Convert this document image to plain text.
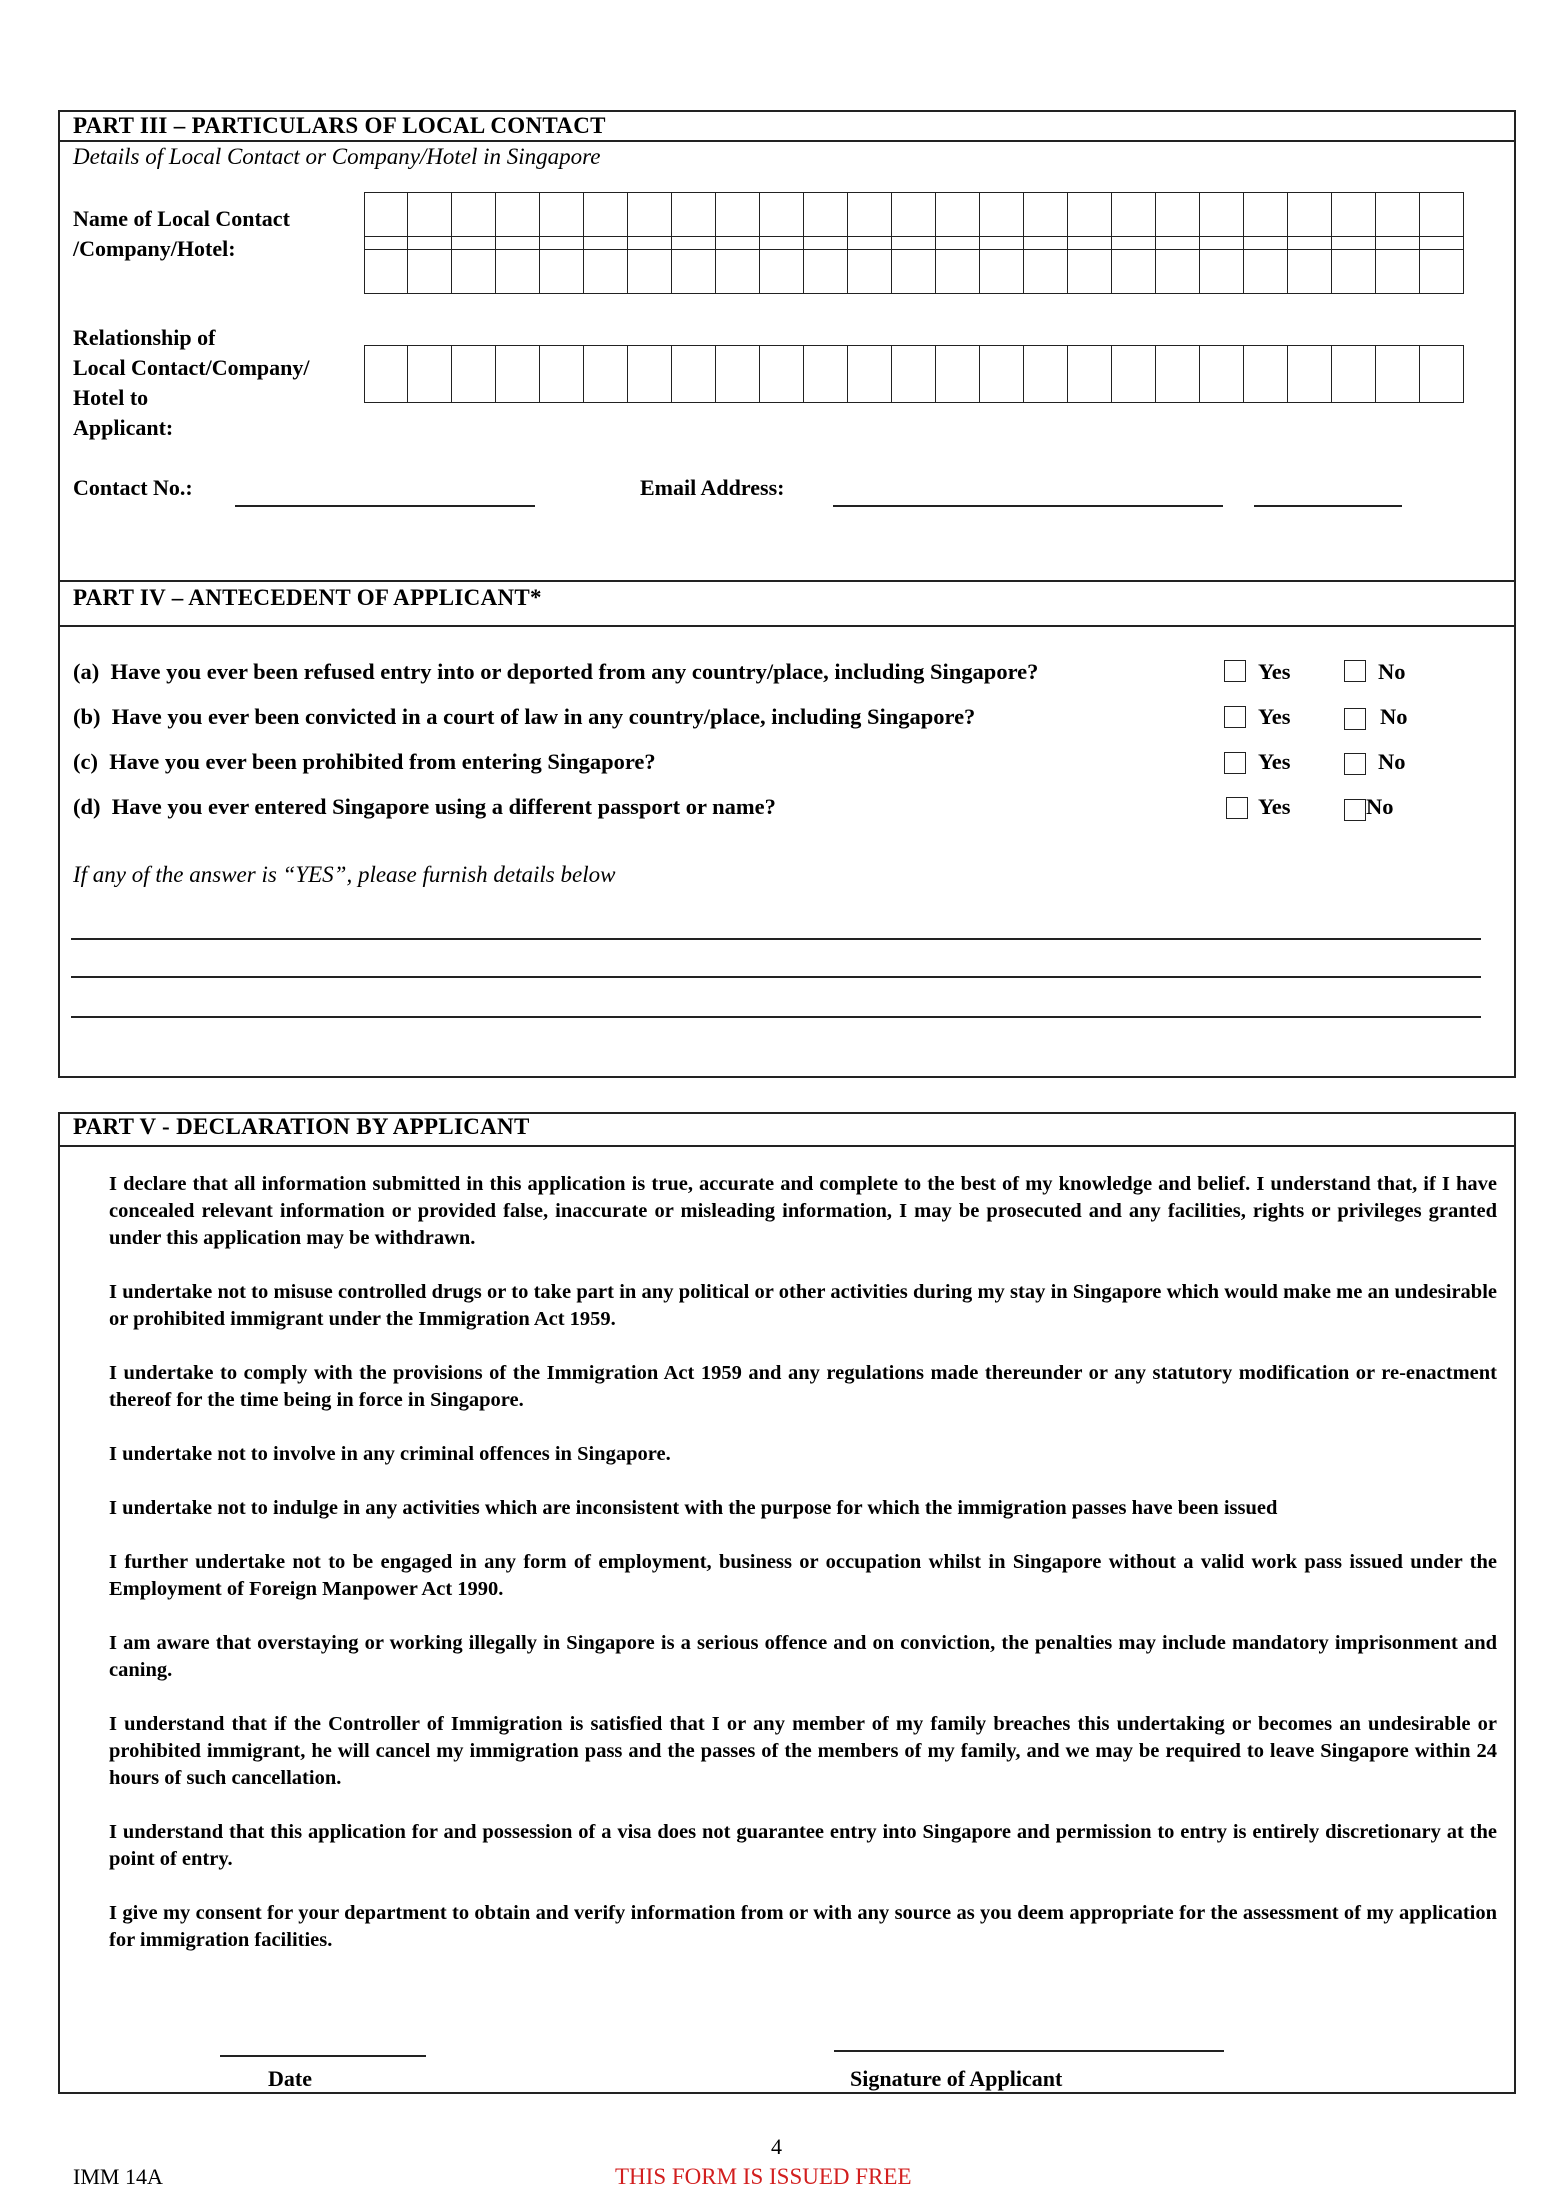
PART III – PARTICULARS OF LOCAL CONTACT
Details of Local Contact or Company/Hotel in Singapore
Name of Local Contact
/Company/Hotel:
Relationship of
Local Contact/Company/
Hotel to
Applicant:
Contact No.:	Email Address:
PART IV – ANTECEDENT OF APPLICANT*
(a)  Have you ever been refused entry into or deported from any country/place, including Singapore?	Yes	No
(b)  Have you ever been convicted in a court of law in any country/place, including Singapore?	Yes	No
(c)  Have you ever been prohibited from entering Singapore?	Yes	No
(d)  Have you ever entered Singapore using a different passport or name?	Yes	No
If any of the answer is “YES”, please furnish details below
PART V - DECLARATION BY APPLICANT

I declare that all information submitted in this application is true, accurate and complete to the best of my knowledge and belief. I understand that, if I have concealed relevant information or provided false, inaccurate or misleading information, I may be prosecuted and any facilities, rights or privileges granted under this application may be withdrawn.

I undertake not to misuse controlled drugs or to take part in any political or other activities during my stay in Singapore which would make me an undesirable or prohibited immigrant under the Immigration Act 1959.

I undertake to comply with the provisions of the Immigration Act 1959 and any regulations made thereunder or any statutory modification or re-enactment thereof for the time being in force in Singapore.

I undertake not to involve in any criminal offences in Singapore.

I undertake not to indulge in any activities which are inconsistent with the purpose for which the immigration passes have been issued

I further undertake not to be engaged in any form of employment, business or occupation whilst in Singapore without a valid work pass issued under the Employment of Foreign Manpower Act 1990.

I am aware that overstaying or working illegally in Singapore is a serious offence and on conviction, the penalties may include mandatory imprisonment and caning.

I understand that if the Controller of Immigration is satisfied that I or any member of my family breaches this undertaking or becomes an undesirable or prohibited immigrant, he will cancel my immigration pass and the passes of the members of my family, and we may be required to leave Singapore within 24 hours of such cancellation.

I understand that this application for and possession of a visa does not guarantee entry into Singapore and permission to entry is entirely discretionary at the point of entry.

I give my consent for your department to obtain and verify information from or with any source as you deem appropriate for the assessment of my application for immigration facilities.

Date	Signature of Applicant
4
IMM 14A	THIS FORM IS ISSUED FREE
